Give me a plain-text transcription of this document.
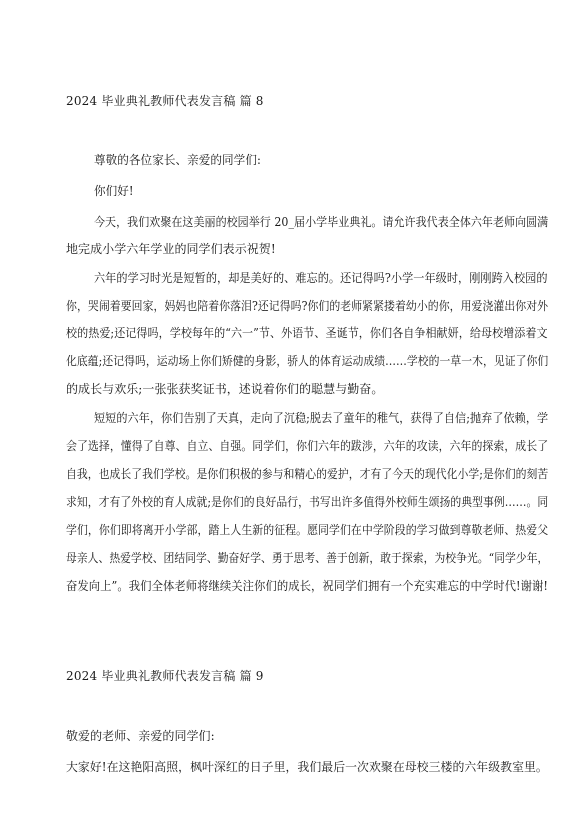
2024 毕业典礼教师代表发言稿 篇 8
尊敬的各位家长、亲爱的同学们:
你们好!
今天，我们欢聚在这美丽的校园举行 20_届小学毕业典礼。请允许我代表全体六年老师向圆满
地完成小学六年学业的同学们表示祝贺!
六年的学习时光是短暂的，却是美好的、难忘的。还记得吗?小学一年级时，刚刚跨入校园的
你，哭闹着要回家，妈妈也陪着你落泪?还记得吗?你们的老师紧紧搂着幼小的你，用爱浇灌出你对外
校的热爱;还记得吗，学校每年的“六一”节、外语节、圣诞节，你们各自争相献妍，给母校增添着文
化底蕴;还记得吗，运动场上你们矫健的身影，骄人的体育运动成绩……学校的一草一木，见证了你们
的成长与欢乐;一张张获奖证书，述说着你们的聪慧与勤奋。
短短的六年，你们告别了天真，走向了沉稳;脱去了童年的稚气，获得了自信;抛弃了依赖，学
会了选择，懂得了自尊、自立、自强。同学们，你们六年的跋涉，六年的攻读，六年的探索，成长了
自我，也成长了我们学校。是你们积极的参与和精心的爱护，才有了今天的现代化小学;是你们的刻苦
求知，才有了外校的育人成就;是你们的良好品行，书写出许多值得外校师生颂扬的典型事例……。同
学们，你们即将离开小学部，踏上人生新的征程。愿同学们在中学阶段的学习做到尊敬老师、热爱父
母亲人、热爱学校、团结同学、勤奋好学、勇于思考、善于创新，敢于探索，为校争光。“同学少年，
奋发向上”。我们全体老师将继续关注你们的成长，祝同学们拥有一个充实难忘的中学时代!谢谢!
2024 毕业典礼教师代表发言稿 篇 9
敬爱的老师、亲爱的同学们:
大家好!在这艳阳高照，枫叶深红的日子里，我们最后一次欢聚在母校三楼的六年级教室里。
